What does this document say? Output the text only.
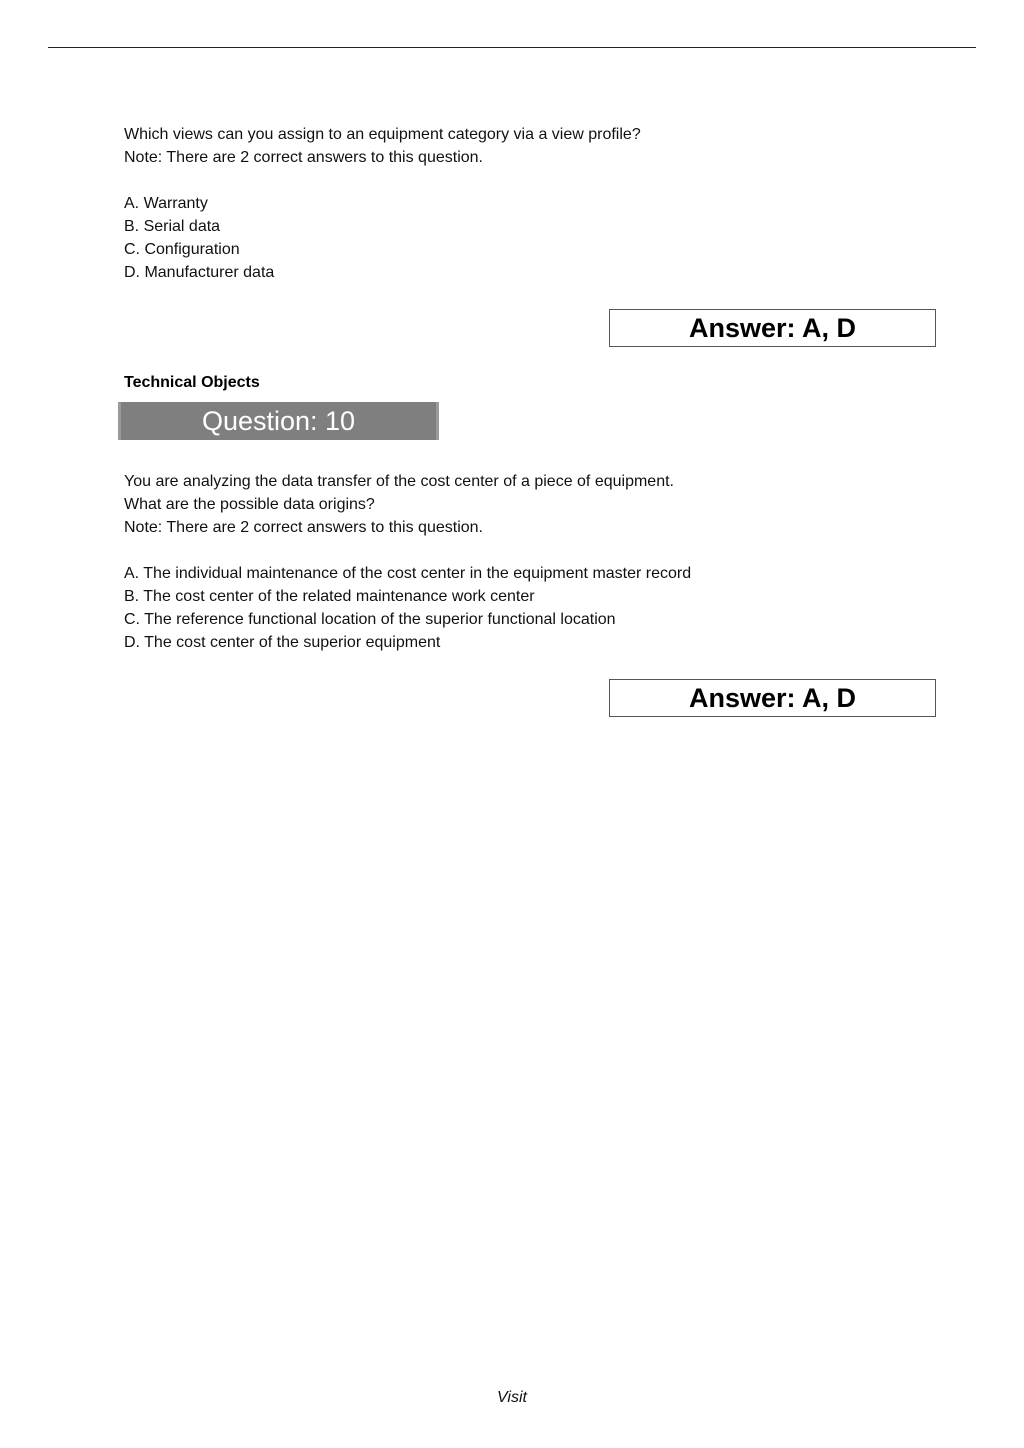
Which views can you assign to an equipment category via a view profile?
Note: There are 2 correct answers to this question.
A. Warranty
B. Serial data
C. Configuration
D. Manufacturer data
Answer: A, D
Technical Objects
Question: 10
You are analyzing the data transfer of the cost center of a piece of equipment.
What are the possible data origins?
Note: There are 2 correct answers to this question.
A. The individual maintenance of the cost center in the equipment master record
B. The cost center of the related maintenance work center
C. The reference functional location of the superior functional location
D. The cost center of the superior equipment
Answer: A, D
Visit
